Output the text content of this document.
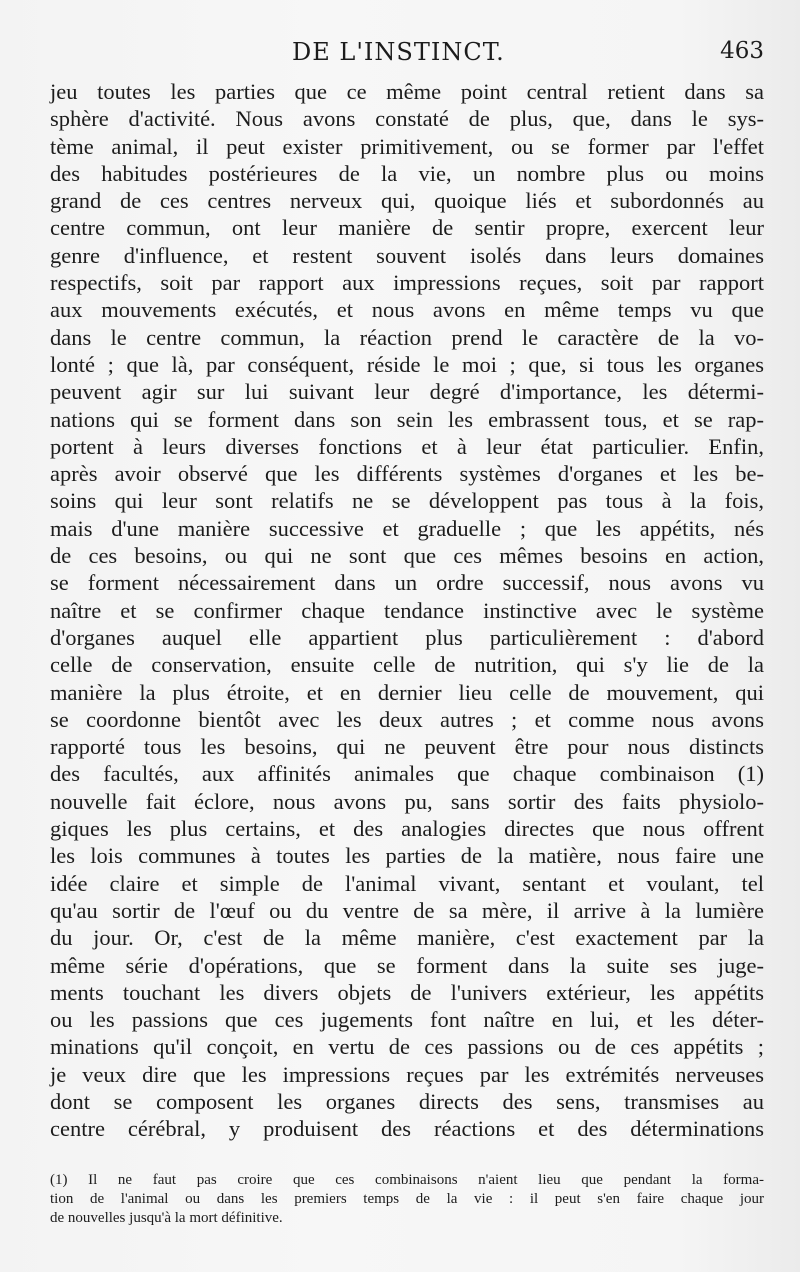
DE L'INSTINCT.	463
jeu toutes les parties que ce même point central retient dans sa
sphère d'activité. Nous avons constaté de plus, que, dans le sys-
tème animal, il peut exister primitivement, ou se former par l'effet
des habitudes postérieures de la vie, un nombre plus ou moins
grand de ces centres nerveux qui, quoique liés et subordonnés au
centre commun, ont leur manière de sentir propre, exercent leur
genre d'influence, et restent souvent isolés dans leurs domaines
respectifs, soit par rapport aux impressions reçues, soit par rapport
aux mouvements exécutés, et nous avons en même temps vu que
dans le centre commun, la réaction prend le caractère de la vo-
lonté ; que là, par conséquent, réside le moi ; que, si tous les organes
peuvent agir sur lui suivant leur degré d'importance, les détermi-
nations qui se forment dans son sein les embrassent tous, et se rap-
portent à leurs diverses fonctions et à leur état particulier. Enfin,
après avoir observé que les différents systèmes d'organes et les be-
soins qui leur sont relatifs ne se développent pas tous à la fois,
mais d'une manière successive et graduelle ; que les appétits, nés
de ces besoins, ou qui ne sont que ces mêmes besoins en action,
se forment nécessairement dans un ordre successif, nous avons vu
naître et se confirmer chaque tendance instinctive avec le système
d'organes auquel elle appartient plus particulièrement : d'abord
celle de conservation, ensuite celle de nutrition, qui s'y lie de la
manière la plus étroite, et en dernier lieu celle de mouvement, qui
se coordonne bientôt avec les deux autres ; et comme nous avons
rapporté tous les besoins, qui ne peuvent être pour nous distincts
des facultés, aux affinités animales que chaque combinaison (1)
nouvelle fait éclore, nous avons pu, sans sortir des faits physiolo-
giques les plus certains, et des analogies directes que nous offrent
les lois communes à toutes les parties de la matière, nous faire une
idée claire et simple de l'animal vivant, sentant et voulant, tel
qu'au sortir de l'œuf ou du ventre de sa mère, il arrive à la lumière
du jour. Or, c'est de la même manière, c'est exactement par la
même série d'opérations, que se forment dans la suite ses juge-
ments touchant les divers objets de l'univers extérieur, les appétits
ou les passions que ces jugements font naître en lui, et les déter-
minations qu'il conçoit, en vertu de ces passions ou de ces appétits ;
je veux dire que les impressions reçues par les extrémités nerveuses
dont se composent les organes directs des sens, transmises au
centre cérébral, y produisent des réactions et des déterminations
(1) Il ne faut pas croire que ces combinaisons n'aient lieu que pendant la forma-
tion de l'animal ou dans les premiers temps de la vie : il peut s'en faire chaque jour
de nouvelles jusqu'à la mort définitive.
